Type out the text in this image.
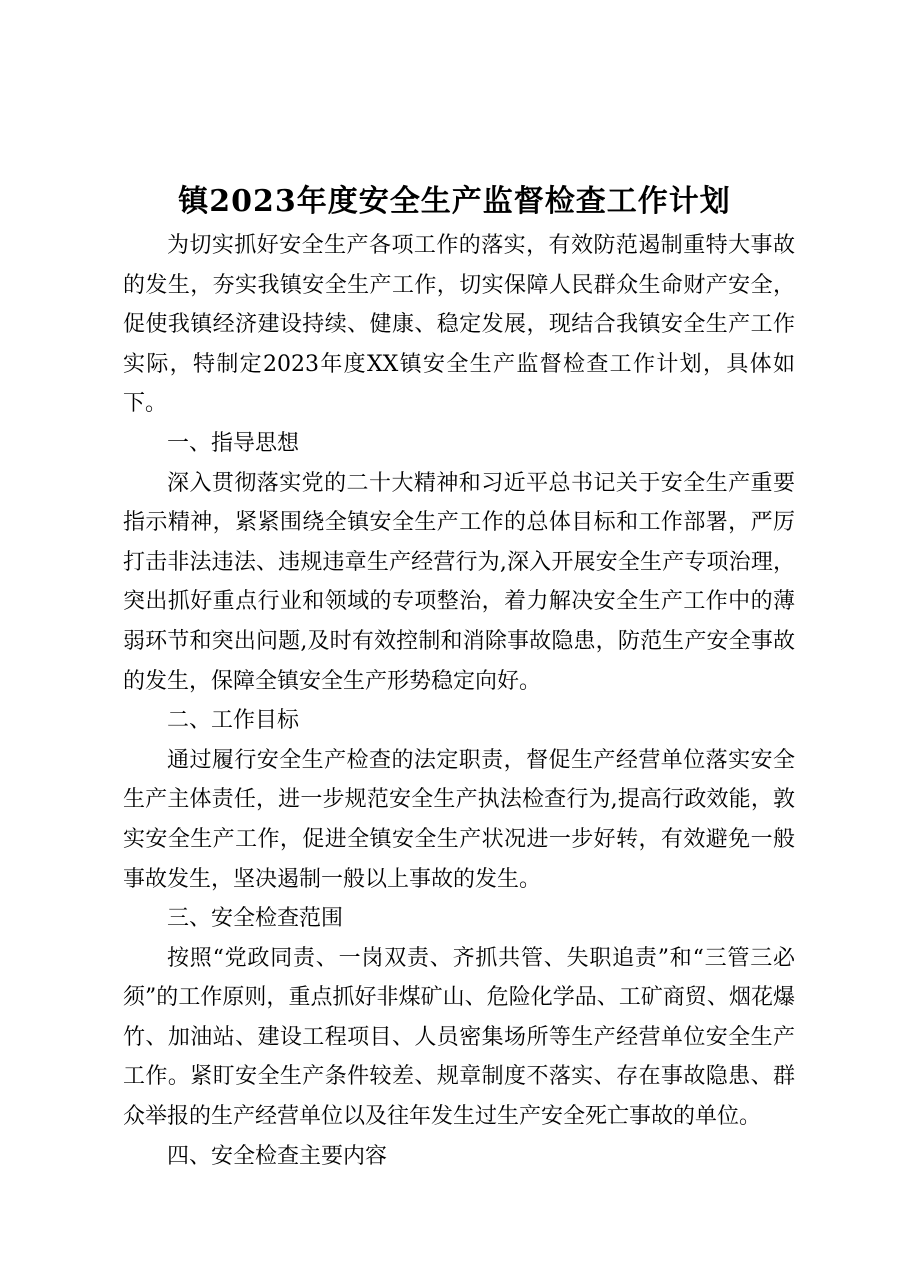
镇2023年度安全生产监督检查工作计划

为切实抓好安全生产各项工作的落实，有效防范遏制重特大事故的发生，夯实我镇安全生产工作，切实保障人民群众生命财产安全，促使我镇经济建设持续、健康、稳定发展，现结合我镇安全生产工作实际，特制定2023年度XX镇安全生产监督检查工作计划，具体如下。

一、指导思想

深入贯彻落实党的二十大精神和习近平总书记关于安全生产重要指示精神，紧紧围绕全镇安全生产工作的总体目标和工作部署，严厉打击非法违法、违规违章生产经营行为,深入开展安全生产专项治理，突出抓好重点行业和领域的专项整治，着力解决安全生产工作中的薄弱环节和突出问题,及时有效控制和消除事故隐患，防范生产安全事故的发生，保障全镇安全生产形势稳定向好。

二、工作目标

通过履行安全生产检查的法定职责，督促生产经营单位落实安全生产主体责任，进一步规范安全生产执法检查行为,提高行政效能，敦实安全生产工作，促进全镇安全生产状况进一步好转，有效避免一般事故发生，坚决遏制一般以上事故的发生。

三、安全检查范围

按照“党政同责、一岗双责、齐抓共管、失职追责”和“三管三必须”的工作原则，重点抓好非煤矿山、危险化学品、工矿商贸、烟花爆竹、加油站、建设工程项目、人员密集场所等生产经营单位安全生产工作。紧盯安全生产条件较差、规章制度不落实、存在事故隐患、群众举报的生产经营单位以及往年发生过生产安全死亡事故的单位。

四、安全检查主要内容
